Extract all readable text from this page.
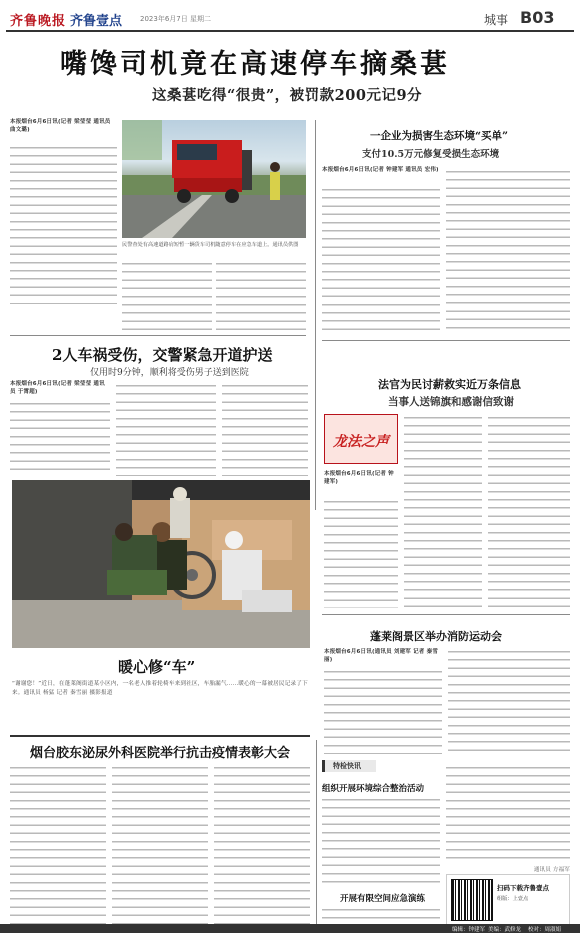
齐鲁晚报 齐鲁壹点	2023年6月7日 星期二	城事 B03
嘴馋司机竟在高速停车摘桑葚
这桑葚吃得“很贵”，被罚款200元记9分
本报烟台6月6日讯(记者 梁莹莹 通讯员 曲文璐)
民警查处有高速道路肩短暂一辆货车司机随意停车在应急车道上。通讯员供图
一企业为损害生态环境“买单”
支付10.5万元修复受损生态环境
本报烟台6月6日讯(记者 钟建军 通讯员 宏伟)
2人车祸受伤，交警紧急开道护送
仅用时9分钟，顺利将受伤男子送到医院
本报烟台6月6日讯(记者 梁莹莹 通讯员 于霄超)
法官为民讨薪救实近万条信息
当事人送锦旗和感谢信致谢
龙法之声
本报烟台6月6日讯(记者 钟建军)
暖心修“车”
“谢谢您！”近日，在蓬莱阁街道某小区内，一名老人推着轮椅车来到社区，车胎漏气……暖心的一幕被居民记录了下来。通讯员 杨猛 记者 秦雪丽 摄影报道
蓬莱阁景区举办消防运动会
本报烟台6月6日讯(通讯员 刘建军 记者 秦雪丽)
烟台胶东泌尿外科医院举行抗击疫情表彰大会
特检快讯
组织开展环境综合整治活动
通讯员 方福军
开展有限空间应急演练
扫码下载齐鲁壹点
组版：上壹点
编辑：钟建军 美编：武修龙 校对：周淑娟
